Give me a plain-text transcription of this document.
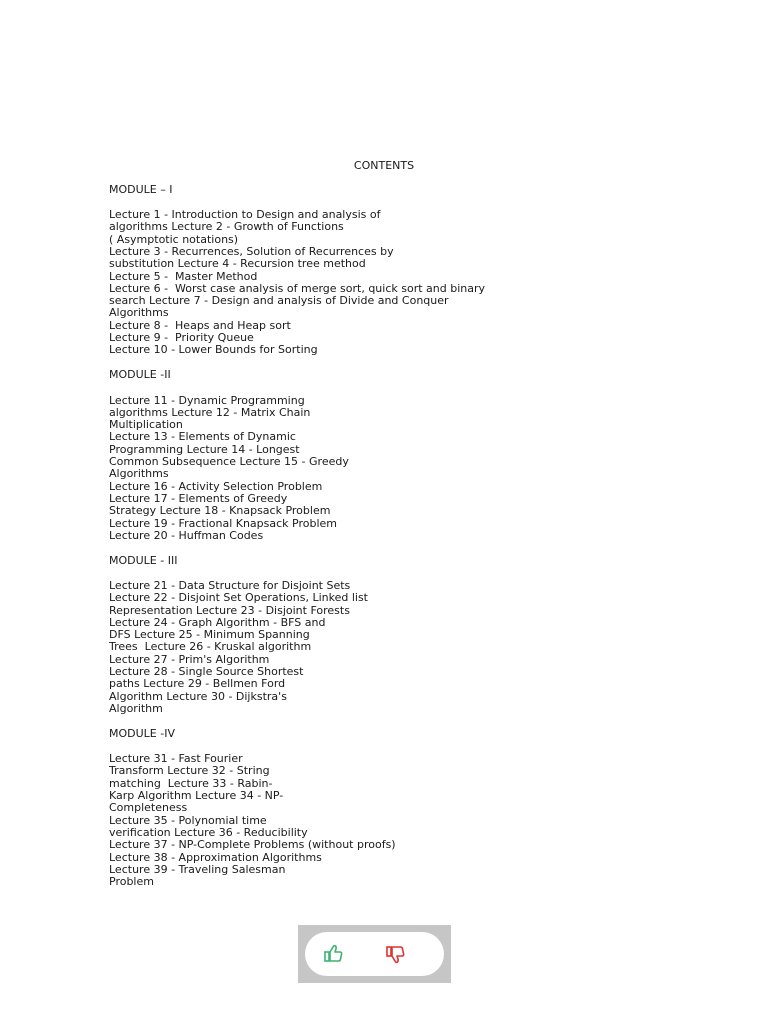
CONTENTS
MODULE – I
Lecture 1 - Introduction to Design and analysis of
algorithms Lecture 2 - Growth of Functions
( Asymptotic notations)
Lecture 3 - Recurrences, Solution of Recurrences by
substitution Lecture 4 - Recursion tree method
Lecture 5 -  Master Method
Lecture 6 -  Worst case analysis of merge sort, quick sort and binary
search Lecture 7 - Design and analysis of Divide and Conquer
Algorithms
Lecture 8 -  Heaps and Heap sort
Lecture 9 -  Priority Queue
Lecture 10 - Lower Bounds for Sorting
MODULE -II
Lecture 11 - Dynamic Programming
algorithms Lecture 12 - Matrix Chain
Multiplication
Lecture 13 - Elements of Dynamic
Programming Lecture 14 - Longest
Common Subsequence Lecture 15 - Greedy
Algorithms
Lecture 16 - Activity Selection Problem
Lecture 17 - Elements of Greedy
Strategy Lecture 18 - Knapsack Problem
Lecture 19 - Fractional Knapsack Problem
Lecture 20 - Huffman Codes
MODULE - III
Lecture 21 - Data Structure for Disjoint Sets
Lecture 22 - Disjoint Set Operations, Linked list
Representation Lecture 23 - Disjoint Forests
Lecture 24 - Graph Algorithm - BFS and
DFS Lecture 25 - Minimum Spanning
Trees  Lecture 26 - Kruskal algorithm
Lecture 27 - Prim's Algorithm
Lecture 28 - Single Source Shortest
paths Lecture 29 - Bellmen Ford
Algorithm Lecture 30 - Dijkstra's
Algorithm
MODULE -IV
Lecture 31 - Fast Fourier
Transform Lecture 32 - String
matching  Lecture 33 - Rabin-
Karp Algorithm Lecture 34 - NP-
Completeness
Lecture 35 - Polynomial time
verification Lecture 36 - Reducibility
Lecture 37 - NP-Complete Problems (without proofs)
Lecture 38 - Approximation Algorithms
Lecture 39 - Traveling Salesman
Problem
